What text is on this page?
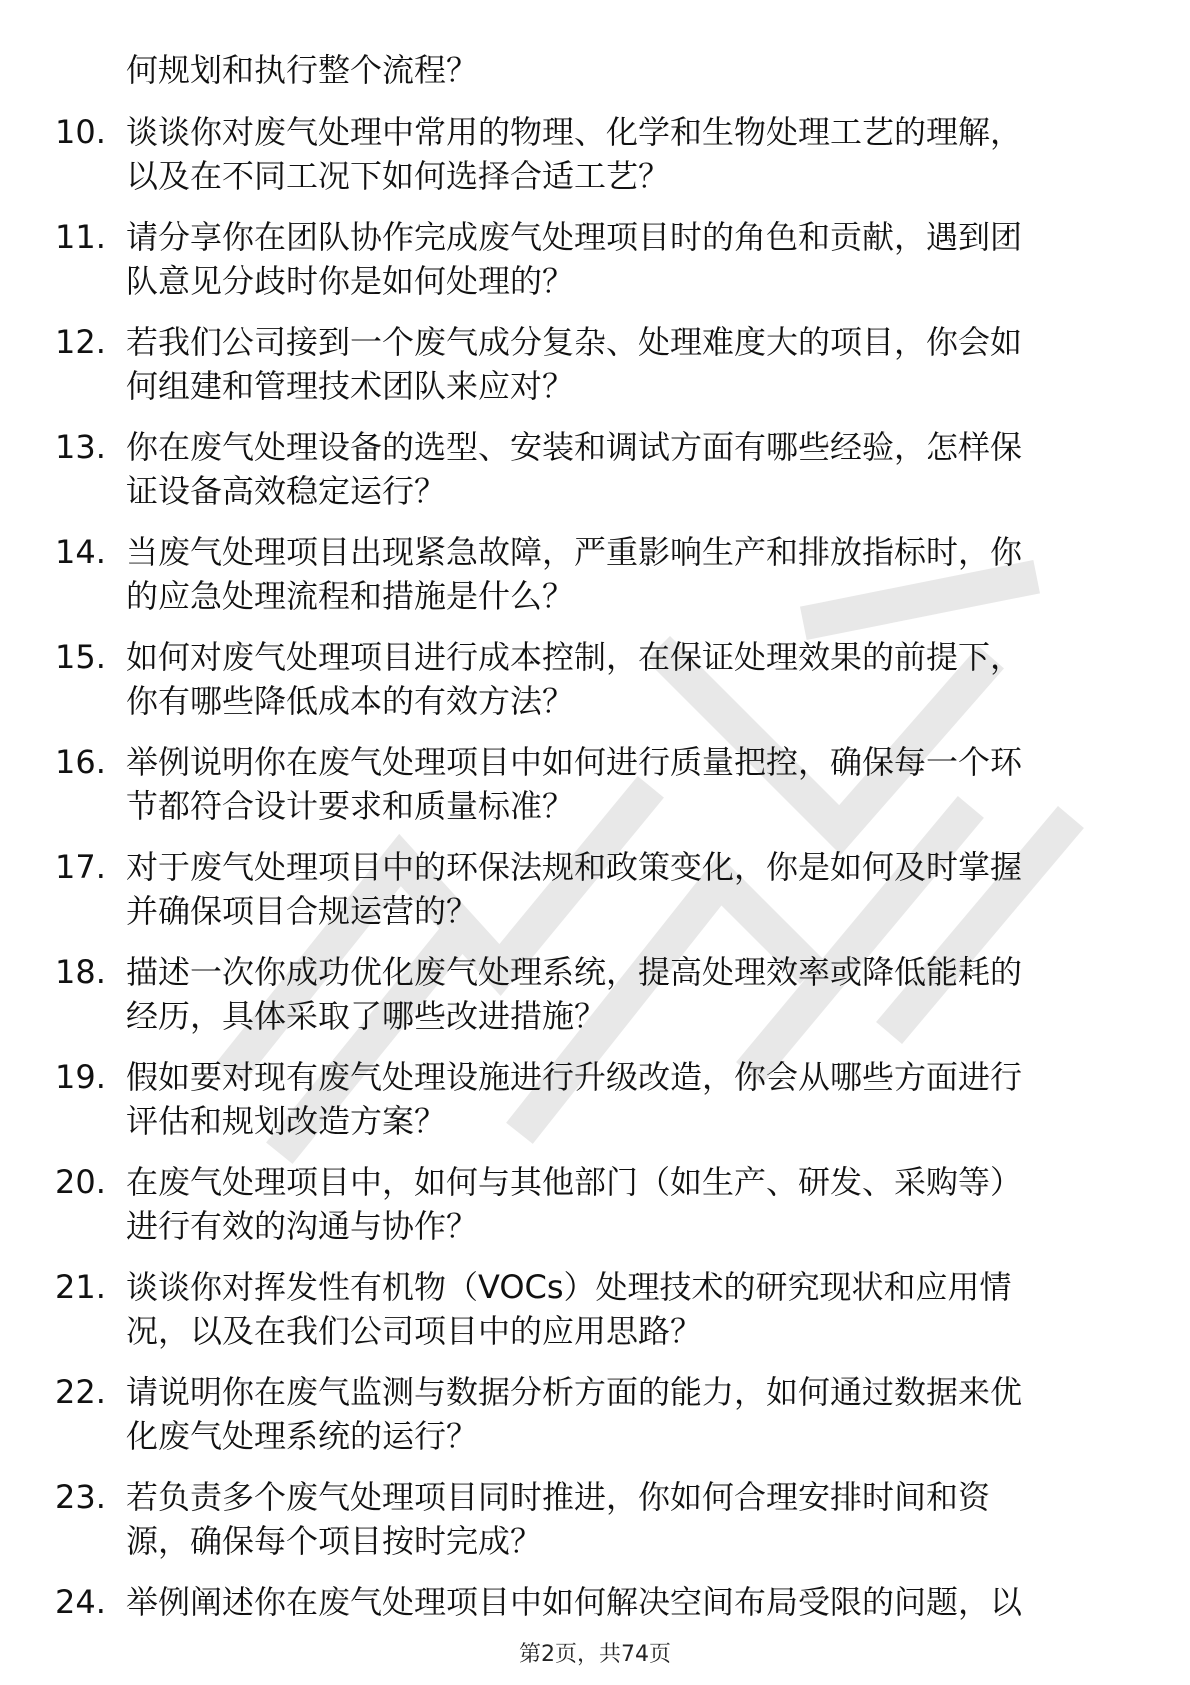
何规划和执行整个流程？
10. 谈谈你对废气处理中常用的物理、化学和生物处理工艺的理解，
以及在不同工况下如何选择合适工艺？
11. 请分享你在团队协作完成废气处理项目时的角色和贡献，遇到团
队意见分歧时你是如何处理的？
12. 若我们公司接到一个废气成分复杂、处理难度大的项目，你会如
何组建和管理技术团队来应对？
13. 你在废气处理设备的选型、安装和调试方面有哪些经验，怎样保
证设备高效稳定运行？
14. 当废气处理项目出现紧急故障，严重影响生产和排放指标时，你
的应急处理流程和措施是什么？
15. 如何对废气处理项目进行成本控制，在保证处理效果的前提下，
你有哪些降低成本的有效方法？
16. 举例说明你在废气处理项目中如何进行质量把控，确保每一个环
节都符合设计要求和质量标准？
17. 对于废气处理项目中的环保法规和政策变化，你是如何及时掌握
并确保项目合规运营的？
18. 描述一次你成功优化废气处理系统，提高处理效率或降低能耗的
经历，具体采取了哪些改进措施？
19. 假如要对现有废气处理设施进行升级改造，你会从哪些方面进行
评估和规划改造方案？
20. 在废气处理项目中，如何与其他部门（如生产、研发、采购等）
进行有效的沟通与协作？
21. 谈谈你对挥发性有机物（VOCs）处理技术的研究现状和应用情
况，以及在我们公司项目中的应用思路？
22. 请说明你在废气监测与数据分析方面的能力，如何通过数据来优
化废气处理系统的运行？
23. 若负责多个废气处理项目同时推进，你如何合理安排时间和资
源，确保每个项目按时完成？
24. 举例阐述你在废气处理项目中如何解决空间布局受限的问题，以
第2页，共74页
